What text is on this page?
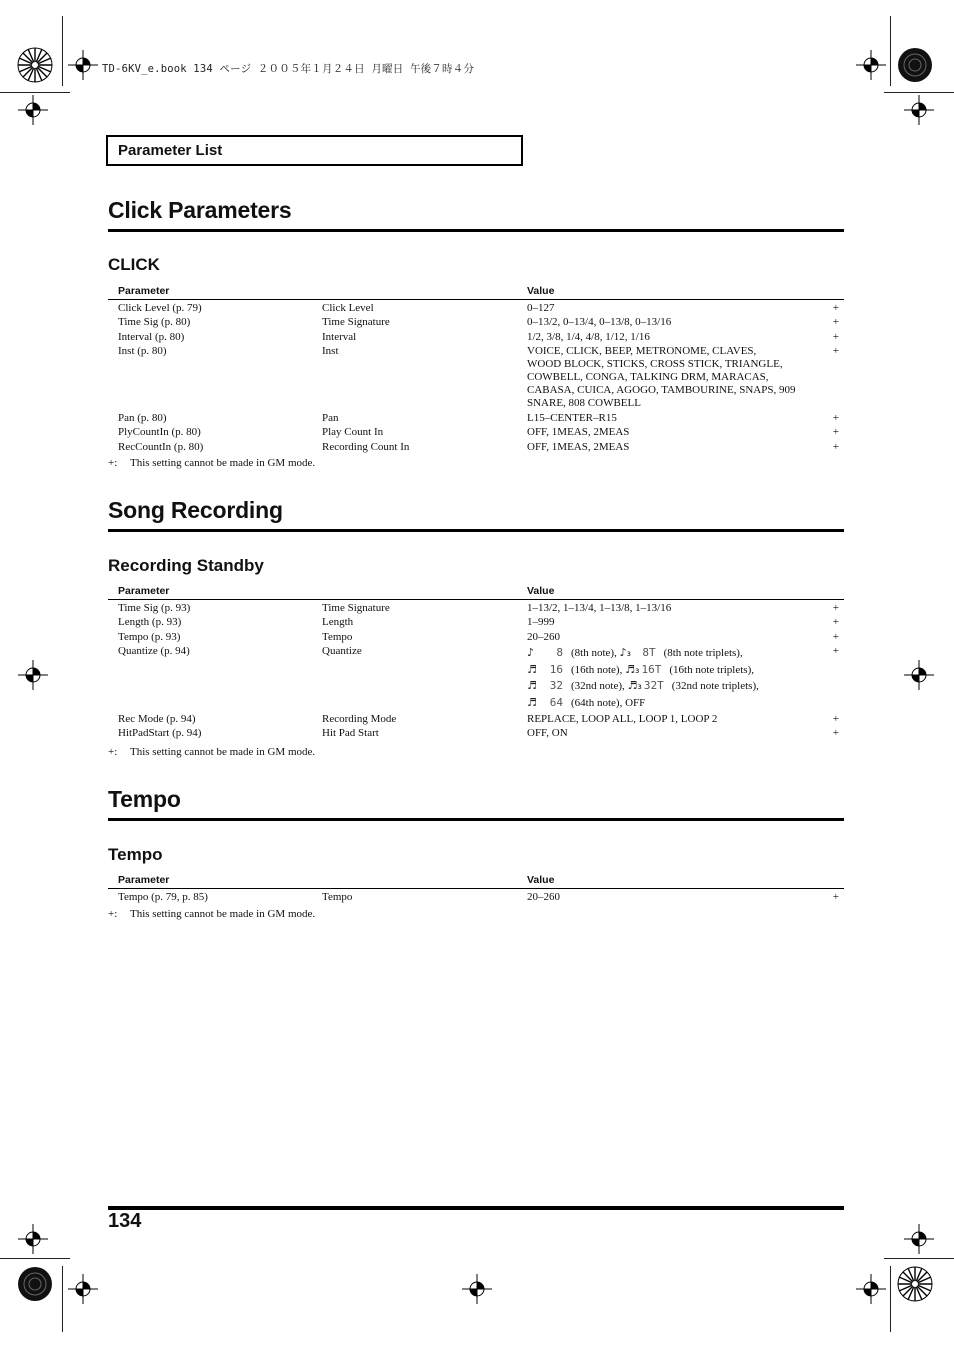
TD-6KV_e.book 134 ページ ２００５年１月２４日 月曜日 午後７時４分
Parameter List
Click Parameters
CLICK
Parameter	Value
Click Level (p. 79)	Click Level	0–127	+
Time Sig (p. 80)	Time Signature	0–13/2, 0–13/4, 0–13/8, 0–13/16	+
Interval (p. 80)	Interval	1/2, 3/8, 1/4, 4/8, 1/12, 1/16	+
Inst (p. 80)	Inst	VOICE, CLICK, BEEP, METRONOME, CLAVES,
WOOD BLOCK, STICKS, CROSS STICK, TRIANGLE,
COWBELL, CONGA, TALKING DRM, MARACAS,
CABASA, CUICA, AGOGO, TAMBOURINE, SNAPS, 909
SNARE, 808 COWBELL
+
Pan (p. 80)	Pan	L15–CENTER–R15	+
PlyCountIn (p. 80)	Play Count In	OFF, 1MEAS, 2MEAS	+
RecCountIn (p. 80)	Recording Count In	OFF, 1MEAS, 2MEAS	+
+: This setting cannot be made in GM mode.
Song Recording
Recording Standby
Parameter	Value
Time Sig (p. 93)	Time Signature	1–13/2, 1–13/4, 1–13/8, 1–13/16	+
Length (p. 93)	Length	1–999	+
Tempo (p. 93)	Tempo	20–260	+
Quantize (p. 94)	Quantize	♪ 8 (8th note), ♪₃ 8T (8th note triplets),
♬ 16 (16th note), ♬₃ 16T (16th note triplets),
♬ 32 (32nd note), ♬₃ 32T (32nd note triplets),
♬ 64 (64th note), OFF
+
Rec Mode (p. 94)	Recording Mode	REPLACE, LOOP ALL, LOOP 1, LOOP 2	+
HitPadStart (p. 94)	Hit Pad Start	OFF, ON	+
+: This setting cannot be made in GM mode.
Tempo
Tempo
Parameter	Value
Tempo (p. 79, p. 85)	Tempo	20–260	+
+: This setting cannot be made in GM mode.
134
